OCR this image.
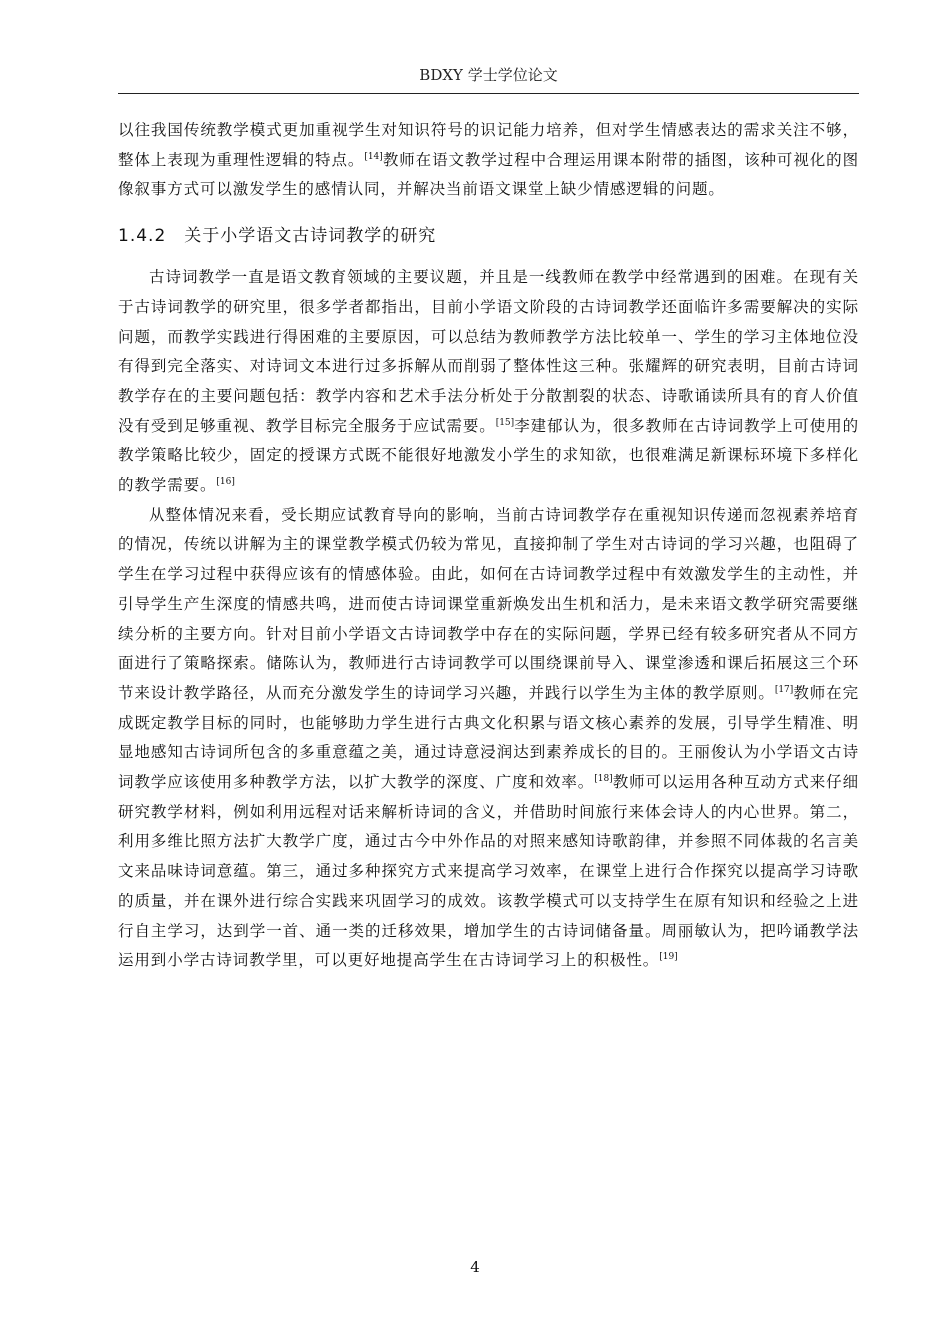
BDXY 学士学位论文

以往我国传统教学模式更加重视学生对知识符号的识记能力培养，但对学生情感表达的需求关注不够，整体上表现为重理性逻辑的特点。[14]教师在语文教学过程中合理运用课本附带的插图，该种可视化的图像叙事方式可以激发学生的感情认同，并解决当前语文课堂上缺少情感逻辑的问题。

1.4.2 关于小学语文古诗词教学的研究

古诗词教学一直是语文教育领域的主要议题，并且是一线教师在教学中经常遇到的困难。在现有关于古诗词教学的研究里，很多学者都指出，目前小学语文阶段的古诗词教学还面临许多需要解决的实际问题，而教学实践进行得困难的主要原因，可以总结为教师教学方法比较单一、学生的学习主体地位没有得到完全落实、对诗词文本进行过多拆解从而削弱了整体性这三种。张耀辉的研究表明，目前古诗词教学存在的主要问题包括：教学内容和艺术手法分析处于分散割裂的状态、诗歌诵读所具有的育人价值没有受到足够重视、教学目标完全服务于应试需要。[15]李建郁认为，很多教师在古诗词教学上可使用的教学策略比较少，固定的授课方式既不能很好地激发小学生的求知欲，也很难满足新课标环境下多样化的教学需要。[16]

从整体情况来看，受长期应试教育导向的影响，当前古诗词教学存在重视知识传递而忽视素养培育的情况，传统以讲解为主的课堂教学模式仍较为常见，直接抑制了学生对古诗词的学习兴趣，也阻碍了学生在学习过程中获得应该有的情感体验。由此，如何在古诗词教学过程中有效激发学生的主动性，并引导学生产生深度的情感共鸣，进而使古诗词课堂重新焕发出生机和活力，是未来语文教学研究需要继续分析的主要方向。针对目前小学语文古诗词教学中存在的实际问题，学界已经有较多研究者从不同方面进行了策略探索。储陈认为，教师进行古诗词教学可以围绕课前导入、课堂渗透和课后拓展这三个环节来设计教学路径，从而充分激发学生的诗词学习兴趣，并践行以学生为主体的教学原则。[17]教师在完成既定教学目标的同时，也能够助力学生进行古典文化积累与语文核心素养的发展，引导学生精准、明显地感知古诗词所包含的多重意蕴之美，通过诗意浸润达到素养成长的目的。王丽俊认为小学语文古诗词教学应该使用多种教学方法，以扩大教学的深度、广度和效率。[18]教师可以运用各种互动方式来仔细研究教学材料，例如利用远程对话来解析诗词的含义，并借助时间旅行来体会诗人的内心世界。第二，利用多维比照方法扩大教学广度，通过古今中外作品的对照来感知诗歌韵律，并参照不同体裁的名言美文来品味诗词意蕴。第三，通过多种探究方式来提高学习效率，在课堂上进行合作探究以提高学习诗歌的质量，并在课外进行综合实践来巩固学习的成效。该教学模式可以支持学生在原有知识和经验之上进行自主学习，达到学一首、通一类的迁移效果，增加学生的古诗词储备量。周丽敏认为，把吟诵教学法运用到小学古诗词教学里，可以更好地提高学生在古诗词学习上的积极性。[19]

4
